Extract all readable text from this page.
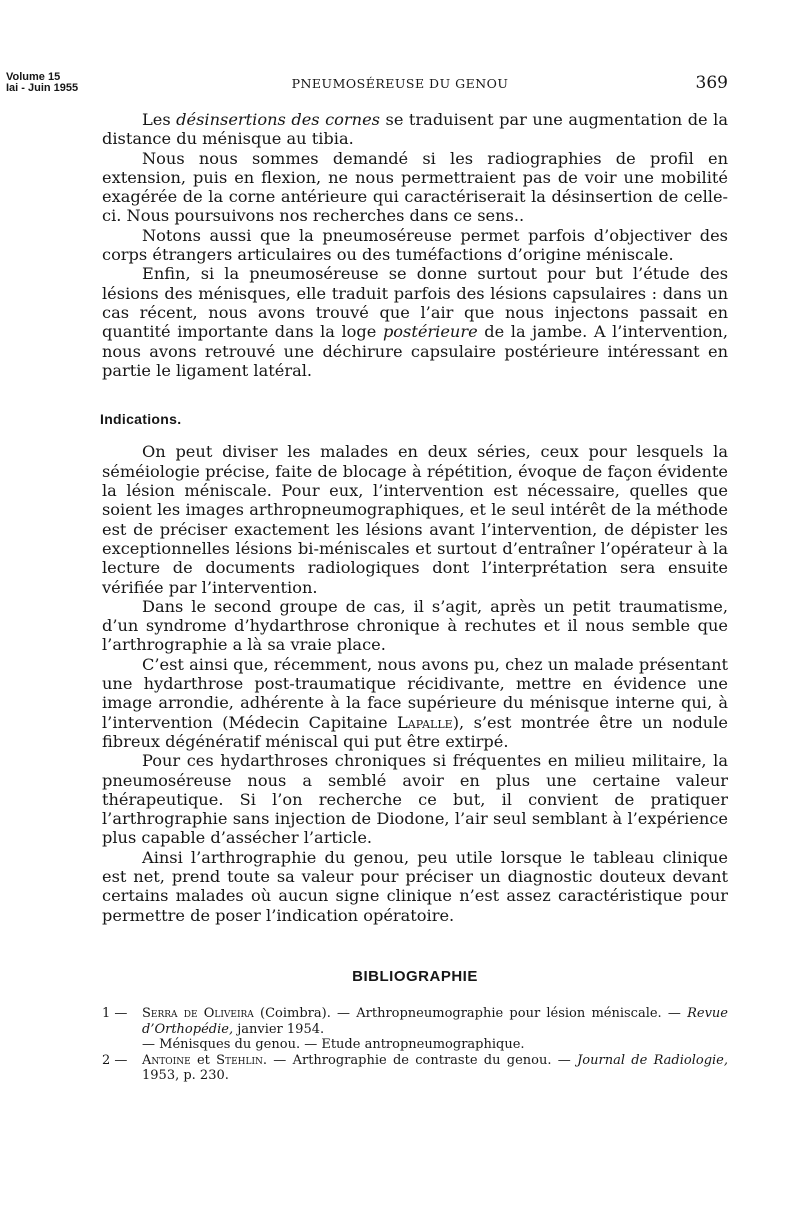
Volume 15
Iai - Juin 1955	PNEUMOSÉREUSE DU GENOU	369

Les désinsertions des cornes se traduisent par une augmentation de la distance du ménisque au tibia.

Nous nous sommes demandé si les radiographies de profil en extension, puis en flexion, ne nous permettraient pas de voir une mobilité exagérée de la corne antérieure qui caractériserait la désinsertion de celle-ci. Nous poursuivons nos recherches dans ce sens..

Notons aussi que la pneumoséreuse permet parfois d’objectiver des corps étrangers articulaires ou des tuméfactions d’origine méniscale.

Enfin, si la pneumoséreuse se donne surtout pour but l’étude des lésions des ménisques, elle traduit parfois des lésions capsulaires : dans un cas récent, nous avons trouvé que l’air que nous injectons passait en quantité importante dans la loge postérieure de la jambe. A l’intervention, nous avons retrouvé une déchirure capsulaire postérieure intéressant en partie le ligament latéral.

Indications.

On peut diviser les malades en deux séries, ceux pour lesquels la séméiologie précise, faite de blocage à répétition, évoque de façon évidente la lésion méniscale. Pour eux, l’intervention est nécessaire, quelles que soient les images arthropneumographiques, et le seul intérêt de la méthode est de préciser exactement les lésions avant l’intervention, de dépister les exceptionnelles lésions bi-méniscales et surtout d’entraîner l’opérateur à la lecture de documents radiologiques dont l’interprétation sera ensuite vérifiée par l’intervention.

Dans le second groupe de cas, il s’agit, après un petit traumatisme, d’un syndrome d’hydarthrose chronique à rechutes et il nous semble que l’arthrographie a là sa vraie place.

C’est ainsi que, récemment, nous avons pu, chez un malade présentant une hydarthrose post-traumatique récidivante, mettre en évidence une image arrondie, adhérente à la face supérieure du ménisque interne qui, à l’intervention (Médecin Capitaine Lapalle), s’est montrée être un nodule fibreux dégénératif méniscal qui put être extirpé.

Pour ces hydarthroses chroniques si fréquentes en milieu militaire, la pneumoséreuse nous a semblé avoir en plus une certaine valeur thérapeutique. Si l’on recherche ce but, il convient de pratiquer l’arthrographie sans injection de Diodone, l’air seul semblant à l’expérience plus capable d’assécher l’article.

Ainsi l’arthrographie du genou, peu utile lorsque le tableau clinique est net, prend toute sa valeur pour préciser un diagnostic douteux devant certains malades où aucun signe clinique n’est assez caractéristique pour permettre de poser l’indication opératoire.

BIBLIOGRAPHIE
1 — Serra de Oliveira (Coimbra). — Arthropneumographie pour lésion méniscale. — Revue d’Orthopédie, janvier 1954.
— Ménisques du genou. — Etude antropneumographique.
2 — Antoine et Stehlin. — Arthrographie de contraste du genou. — Journal de Radiologie, 1953, p. 230.
